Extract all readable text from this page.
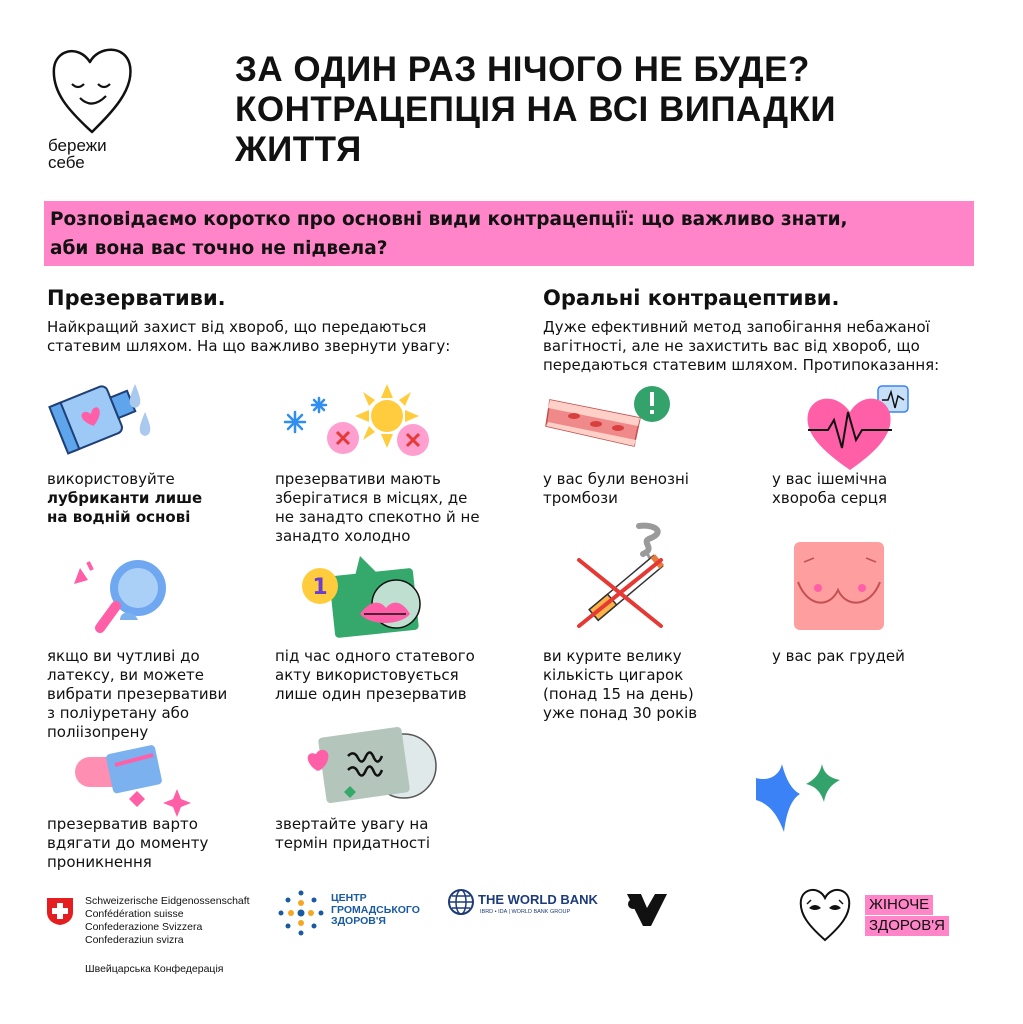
бережи
себе
ЗА ОДИН РАЗ НІЧОГО НЕ БУДЕ?
КОНТРАЦЕПЦІЯ НА ВСІ ВИПАДКИ
ЖИТТЯ
Розповідаємо коротко про основні види контрацепції: що важливо знати,
аби вона вас точно не підвела?
Презервативи.
Найкращий захист від хвороб, що передаються
статевим шляхом. На що важливо звернути увагу:
Оральні контрацептиви.
Дуже ефективний метод запобігання небажаної
вагітності, але не захистить вас від хвороб, що
передаються статевим шляхом. Протипоказання:
використовуйте
лубриканти лише
на водній основі
презервативи мають
зберігатися в місцях, де
не занадто спекотно й не
занадто холодно
якщо ви чутливі до
латексу, ви можете
вибрати презервативи
з поліуретану або
поліізопрену
1
під час одного статевого
акту використовується
лише один презерватив
презерватив варто
вдягати до моменту
проникнення
звертайте увагу на
термін придатності
у вас були венозні
тромбози
у вас ішемічна
хвороба серця
ви курите велику
кількість цигарок
(понад 15 на день)
уже понад 30 років
у вас рак грудей
Schweizerische Eidgenossenschaft
Confédération suisse
Confederazione Svizzera
Confederaziun svizra
Швейцарська Конфедерація
ЦЕНТР
ГРОМАДСЬКОГО
ЗДОРОВ'Я
THE WORLD BANK
IBRD • IDA | WORLD BANK GROUP	ЖІНОЧЕ
ЗДОРОВ'Я
